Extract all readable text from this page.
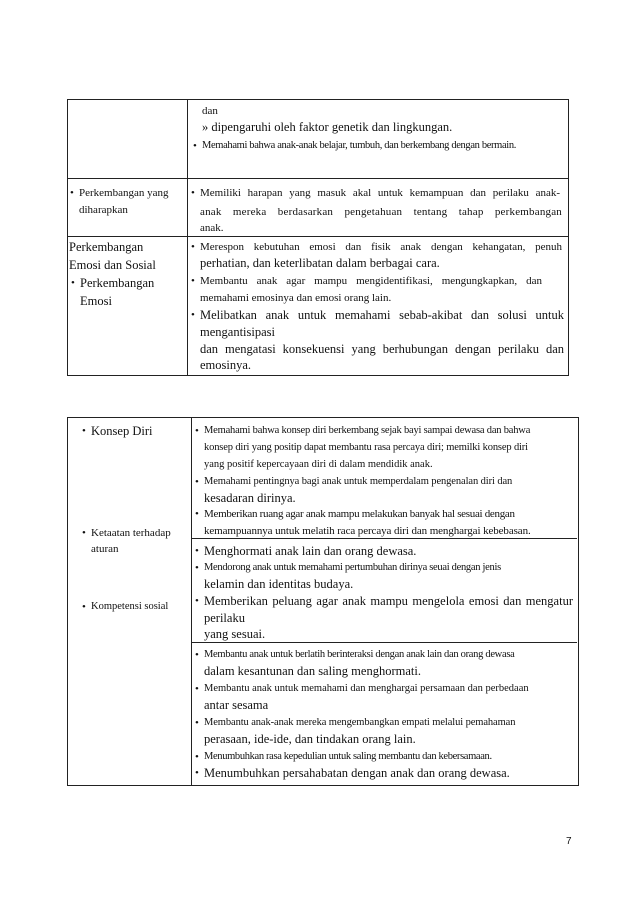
dan
» dipengaruhi oleh faktor genetik dan lingkungan.
• Memahami bahwa anak-anak belajar, tumbuh, dan berkembang dengan bermain.
• Perkembangan yang
diharapkan
• Memiliki harapan yang masuk akal untuk kemampuan dan perilaku anak-
anak mereka berdasarkan pengetahuan tentang tahap perkembangan
anak.
Perkembangan
Emosi dan Sosial
• Perkembangan
Emosi
• Merespon kebutuhan emosi dan fisik anak dengan kehangatan, penuh
perhatian, dan keterlibatan dalam berbagai cara.
• Membantu anak agar mampu mengidentifikasi, mengungkapkan, dan
memahami emosinya dan emosi orang lain.
• Melibatkan anak untuk memahami sebab-akibat dan solusi untuk
mengantisipasi
dan mengatasi konsekuensi yang berhubungan dengan perilaku dan
emosinya.
• Konsep Diri
• Ketaatan terhadap
aturan
• Kompetensi sosial
• Memahami bahwa konsep diri berkembang sejak bayi sampai dewasa dan bahwa
konsep diri yang positip dapat membantu rasa percaya diri; memilki konsep diri
yang positif kepercayaan diri di dalam mendidik anak.
• Memahami pentingnya bagi anak untuk memperdalam pengenalan diri dan
kesadaran dirinya.
• Memberikan ruang agar anak mampu melakukan banyak hal sesuai dengan
kemampuannya untuk melatih raca percaya diri dan menghargai kebebasan.
• Menghormati anak lain dan orang dewasa.
• Mendorong anak untuk memahami pertumbuhan dirinya seuai dengan jenis
kelamin dan identitas budaya.
• Memberikan peluang agar anak mampu mengelola emosi dan mengatur
perilaku
yang sesuai.
• Membantu anak untuk berlatih berinteraksi dengan anak lain dan orang dewasa
dalam kesantunan dan saling menghormati.
• Membantu anak untuk memahami dan menghargai persamaan dan perbedaan
antar sesama
• Membantu anak-anak mereka mengembangkan empati melalui pemahaman
perasaan, ide-ide, dan tindakan orang lain.
• Menumbuhkan rasa kepedulian untuk saling membantu dan kebersamaan.
• Menumbuhkan persahabatan dengan anak dan orang dewasa.
7
